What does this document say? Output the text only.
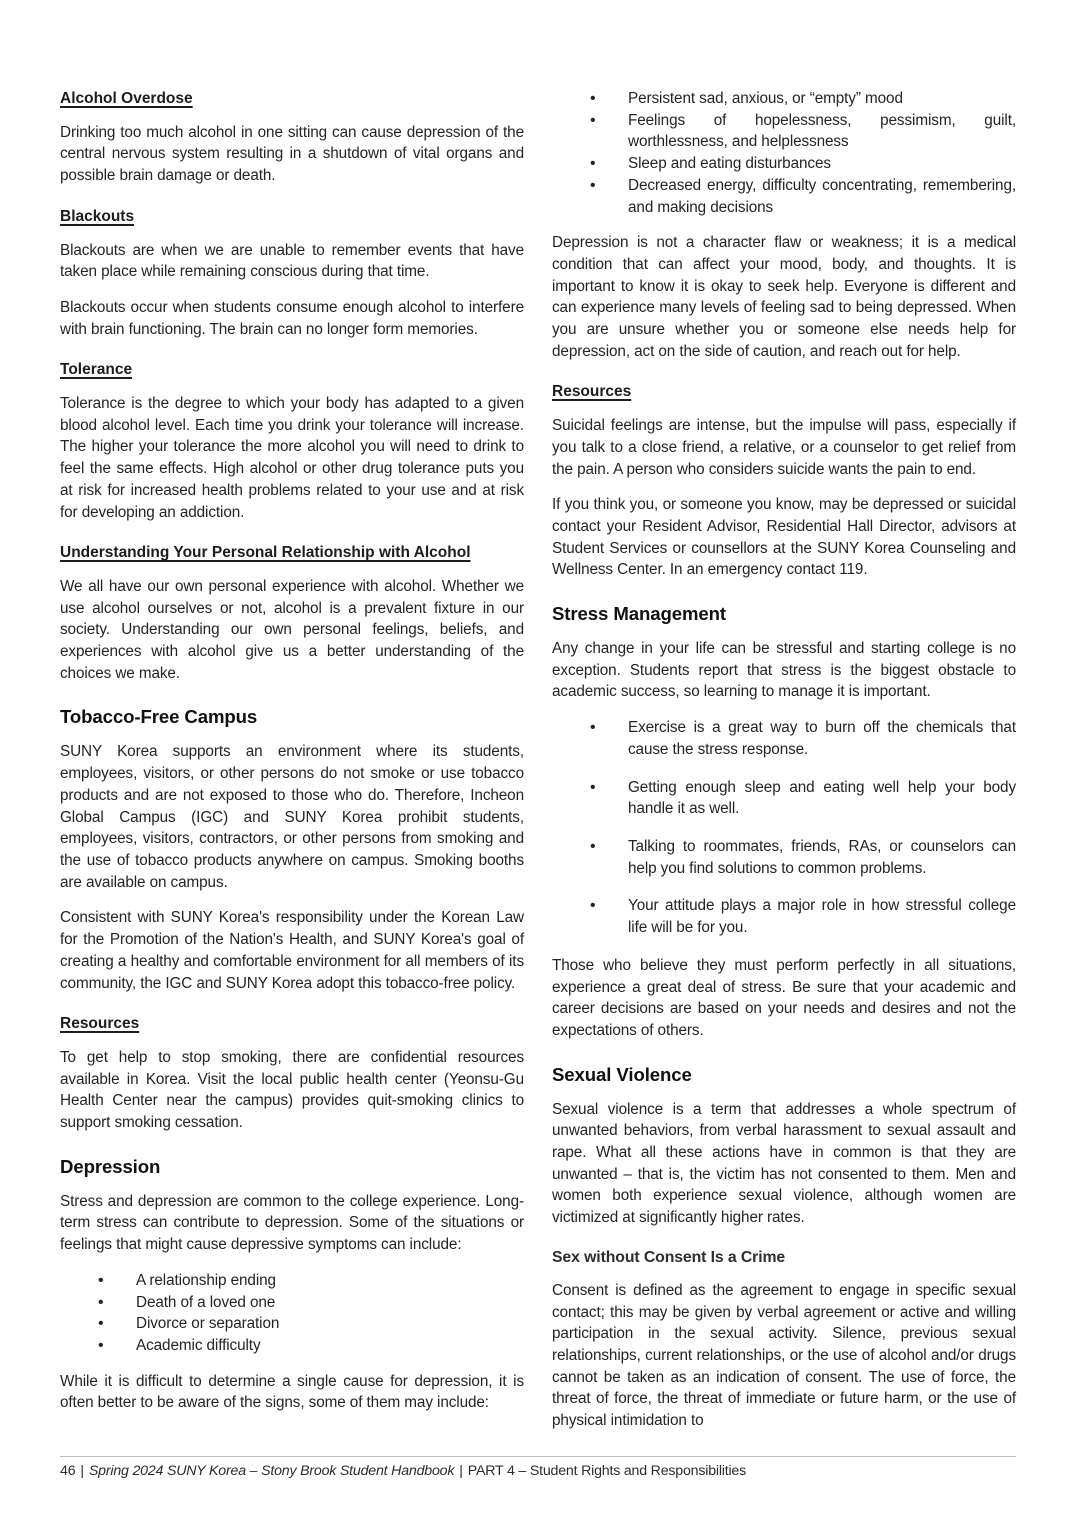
Alcohol Overdose

Drinking too much alcohol in one sitting can cause depression of the central nervous system resulting in a shutdown of vital organs and possible brain damage or death.

Blackouts

Blackouts are when we are unable to remember events that have taken place while remaining conscious during that time.

Blackouts occur when students consume enough alcohol to interfere with brain functioning. The brain can no longer form memories.

Tolerance

Tolerance is the degree to which your body has adapted to a given blood alcohol level. Each time you drink your tolerance will increase. The higher your tolerance the more alcohol you will need to drink to feel the same effects. High alcohol or other drug tolerance puts you at risk for increased health problems related to your use and at risk for developing an addiction.

Understanding Your Personal Relationship with Alcohol

We all have our own personal experience with alcohol. Whether we use alcohol ourselves or not, alcohol is a prevalent fixture in our society. Understanding our own personal feelings, beliefs, and experiences with alcohol give us a better understanding of the choices we make.

Tobacco-Free Campus

SUNY Korea supports an environment where its students, employees, visitors, or other persons do not smoke or use tobacco products and are not exposed to those who do. Therefore, Incheon Global Campus (IGC) and SUNY Korea prohibit students, employees, visitors, contractors, or other persons from smoking and the use of tobacco products anywhere on campus. Smoking booths are available on campus.

Consistent with SUNY Korea's responsibility under the Korean Law for the Promotion of the Nation's Health, and SUNY Korea's goal of creating a healthy and comfortable environment for all members of its community, the IGC and SUNY Korea adopt this tobacco-free policy.

Resources

To get help to stop smoking, there are confidential resources available in Korea. Visit the local public health center (Yeonsu-Gu Health Center near the campus) provides quit-smoking clinics to support smoking cessation.

Depression

Stress and depression are common to the college experience. Long-term stress can contribute to depression. Some of the situations or feelings that might cause depressive symptoms can include:

• A relationship ending
• Death of a loved one
• Divorce or separation
• Academic difficulty

While it is difficult to determine a single cause for depression, it is often better to be aware of the signs, some of them may include:

• Persistent sad, anxious, or “empty” mood
• Feelings of hopelessness, pessimism, guilt, worthlessness, and helplessness
• Sleep and eating disturbances
• Decreased energy, difficulty concentrating, remembering, and making decisions

Depression is not a character flaw or weakness; it is a medical condition that can affect your mood, body, and thoughts. It is important to know it is okay to seek help. Everyone is different and can experience many levels of feeling sad to being depressed. When you are unsure whether you or someone else needs help for depression, act on the side of caution, and reach out for help.

Resources

Suicidal feelings are intense, but the impulse will pass, especially if you talk to a close friend, a relative, or a counselor to get relief from the pain. A person who considers suicide wants the pain to end.

If you think you, or someone you know, may be depressed or suicidal contact your Resident Advisor, Residential Hall Director, advisors at Student Services or counsellors at the SUNY Korea Counseling and Wellness Center. In an emergency contact 119.

Stress Management

Any change in your life can be stressful and starting college is no exception. Students report that stress is the biggest obstacle to academic success, so learning to manage it is important.

• Exercise is a great way to burn off the chemicals that cause the stress response.
• Getting enough sleep and eating well help your body handle it as well.
• Talking to roommates, friends, RAs, or counselors can help you find solutions to common problems.
• Your attitude plays a major role in how stressful college life will be for you.

Those who believe they must perform perfectly in all situations, experience a great deal of stress. Be sure that your academic and career decisions are based on your needs and desires and not the expectations of others.

Sexual Violence

Sexual violence is a term that addresses a whole spectrum of unwanted behaviors, from verbal harassment to sexual assault and rape. What all these actions have in common is that they are unwanted – that is, the victim has not consented to them. Men and women both experience sexual violence, although women are victimized at significantly higher rates.

Sex without Consent Is a Crime

Consent is defined as the agreement to engage in specific sexual contact; this may be given by verbal agreement or active and willing participation in the sexual activity. Silence, previous sexual relationships, current relationships, or the use of alcohol and/or drugs cannot be taken as an indication of consent. The use of force, the threat of force, the threat of immediate or future harm, or the use of physical intimidation to

46 | Spring 2024 SUNY Korea – Stony Brook Student Handbook | PART 4 – Student Rights and Responsibilities
